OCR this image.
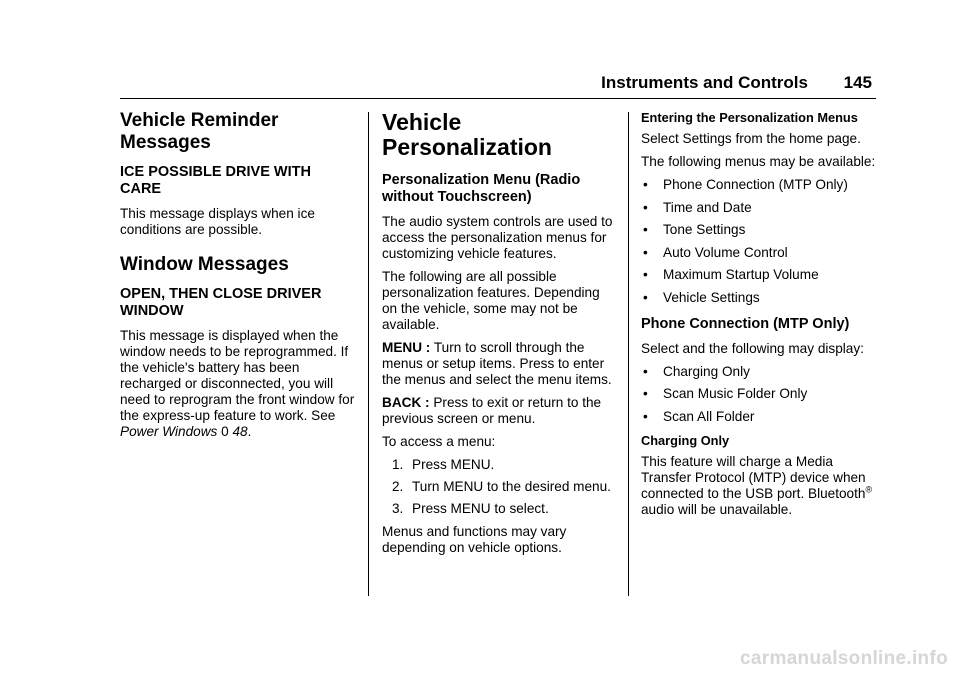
Instruments and Controls 145
Vehicle Reminder Messages
ICE POSSIBLE DRIVE WITH CARE

This message displays when ice conditions are possible.

Window Messages
OPEN, THEN CLOSE DRIVER WINDOW

This message is displayed when the window needs to be reprogrammed. If the vehicle's battery has been recharged or disconnected, you will need to reprogram the front window for the express-up feature to work. See Power Windows 0 48.

Vehicle Personalization
Personalization Menu (Radio without Touchscreen)

The audio system controls are used to access the personalization menus for customizing vehicle features.

The following are all possible personalization features. Depending on the vehicle, some may not be available.

MENU : Turn to scroll through the menus or setup items. Press to enter the menus and select the menu items.

BACK : Press to exit or return to the previous screen or menu.

To access a menu:

1. Press MENU.
2. Turn MENU to the desired menu.
3. Press MENU to select.

Menus and functions may vary depending on vehicle options.

Entering the Personalization Menus

Select Settings from the home page.

The following menus may be available:

• Phone Connection (MTP Only)
• Time and Date
• Tone Settings
• Auto Volume Control
• Maximum Startup Volume
• Vehicle Settings
Phone Connection (MTP Only)

Select and the following may display:

• Charging Only
• Scan Music Folder Only
• Scan All Folder
Charging Only

This feature will charge a Media Transfer Protocol (MTP) device when connected to the USB port. Bluetooth® audio will be unavailable.

carmanualsonline.info
